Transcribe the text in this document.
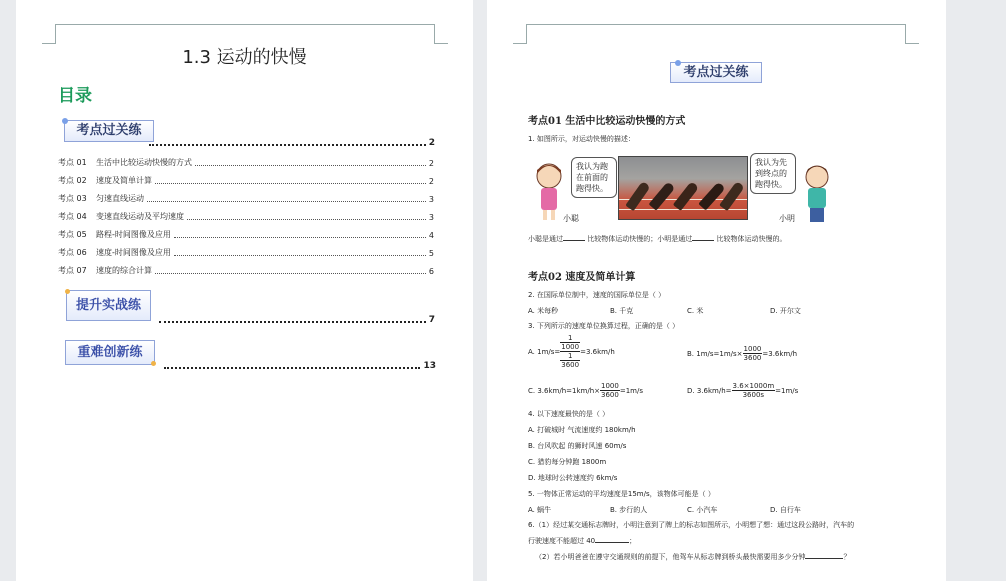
1.3 运动的快慢
目录
考点过关练
2
考点 01	生活中比较运动快慢的方式	2
考点 02	速度及简单计算	2
考点 03	匀速直线运动	3
考点 04	变速直线运动及平均速度	3
考点 05	路程-时间图像及应用	4
考点 06	速度-时间图像及应用	5
考点 07	速度的综合计算	6
提升实战练
7
重难创新练
13
考点过关练
考点01 生活中比较运动快慢的方式
1. 如图所示，对运动快慢的描述：
我认为跑在前面的跑得快。
小聪
我认为先到终点的跑得快。
小明
小聪是通过	比较物体运动快慢的；小明是通过	比较物体运动快慢的。
考点02 速度及简单计算
2. 在国际单位制中，速度的国际单位是（ ）
A. 米每秒	B. 千克	C. 米	D. 开尔文
3. 下列所示的速度单位换算过程，正确的是（ ）
A. 1m/s=
1
1000
1
3600
=3.6km/h	B. $1m/s=1m/s\times \frac{1000}{3600} =3.6km/h$
C. $3.6km/h=1km/h\times \frac{1000}{3600} =1m/s$	D. $3.6km/h= \frac{3.6\times 1000m}{3600s} =1m/s$
4. 以下速度最快的是（ ）
A. 打破城时 气流速度约 180km/h
B. 台风吹起 的狮时风速 60m/s
C. 猎豹每分钟跑 1800m
D. 地球时公转速度约 6km/s
5. 一物体正常运动的平均速度是15m/s，该物体可能是（ ）
A. 蜗牛	B. 步行的人	C. 小汽车	D. 自行车
6.（1）经过某交通标志牌时，小明注意到了牌上的标志如图所示，小明想了想：通过这段公路时，汽车的
行驶速度不能超过 40	；
（2）若小明爸爸在遵守交通规则的前提下，他驾车从标志牌到桥头最快需要用多少分钟	？
